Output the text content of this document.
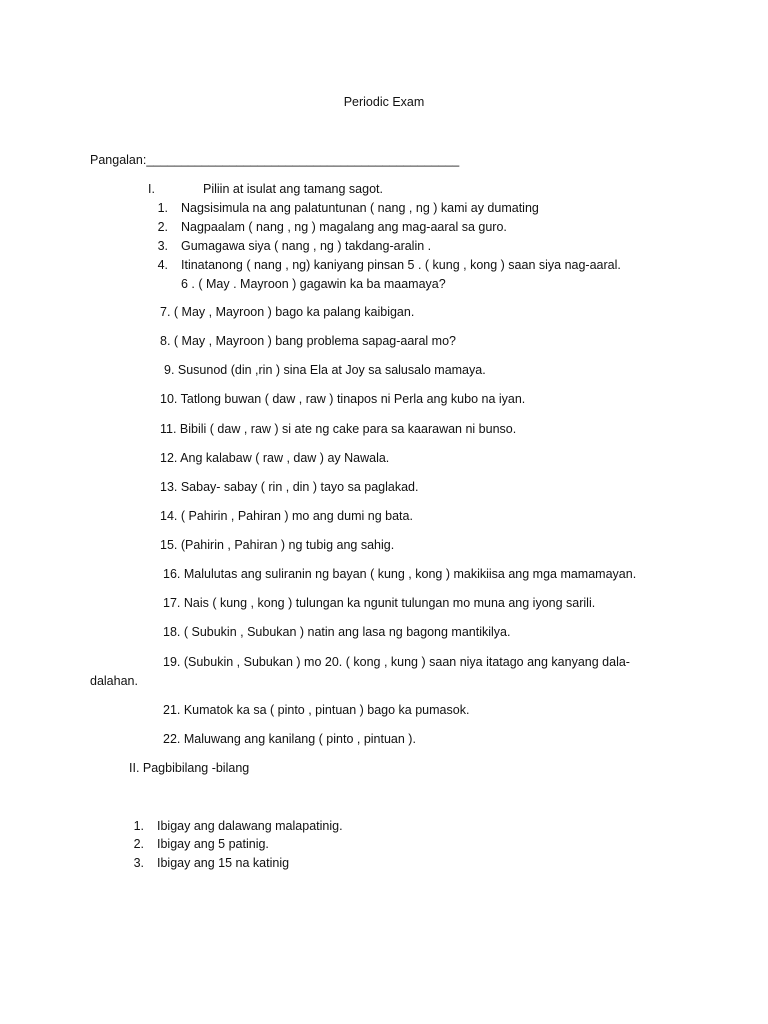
Periodic Exam
Pangalan:_____________________________________________
I.	Piliin at isulat ang tamang sagot.
1. Nagsisimula na ang palatuntunan ( nang , ng ) kami ay dumating
2. Nagpaalam ( nang , ng ) magalang ang mag-aaral sa guro.
3. Gumagawa siya ( nang , ng ) takdang-aralin .
4. Itinatanong ( nang , ng) kaniyang pinsan 5 . ( kung , kong ) saan siya nag-aaral.
6 . ( May . Mayroon ) gagawin ka ba maamaya?
7. ( May , Mayroon ) bago ka palang kaibigan.
8. ( May , Mayroon ) bang problema sapag-aaral mo?
9. Susunod (din ,rin ) sina Ela at Joy sa salusalo mamaya.
10. Tatlong buwan ( daw , raw ) tinapos ni Perla ang kubo na iyan.
11. Bibili ( daw , raw ) si ate ng cake para sa kaarawan ni bunso.
12. Ang kalabaw ( raw , daw ) ay Nawala.
13. Sabay- sabay ( rin , din ) tayo sa paglakad.
14. ( Pahirin , Pahiran ) mo ang dumi ng bata.
15. (Pahirin , Pahiran ) ng tubig ang sahig.
16. Malulutas ang suliranin ng bayan ( kung , kong ) makikiisa ang mga mamamayan.
17. Nais ( kung , kong ) tulungan ka ngunit tulungan mo muna ang iyong sarili.
18. ( Subukin , Subukan ) natin ang lasa ng bagong mantikilya.
19. (Subukin , Subukan ) mo 20. ( kong , kung ) saan niya itatago ang kanyang dala-
dalahan.
21. Kumatok ka sa ( pinto , pintuan ) bago ka pumasok.
22. Maluwang ang kanilang ( pinto , pintuan ).
II. Pagbibilang -bilang
1. Ibigay ang dalawang malapatinig.
2. Ibigay ang 5 patinig.
3. Ibigay ang 15 na katinig
